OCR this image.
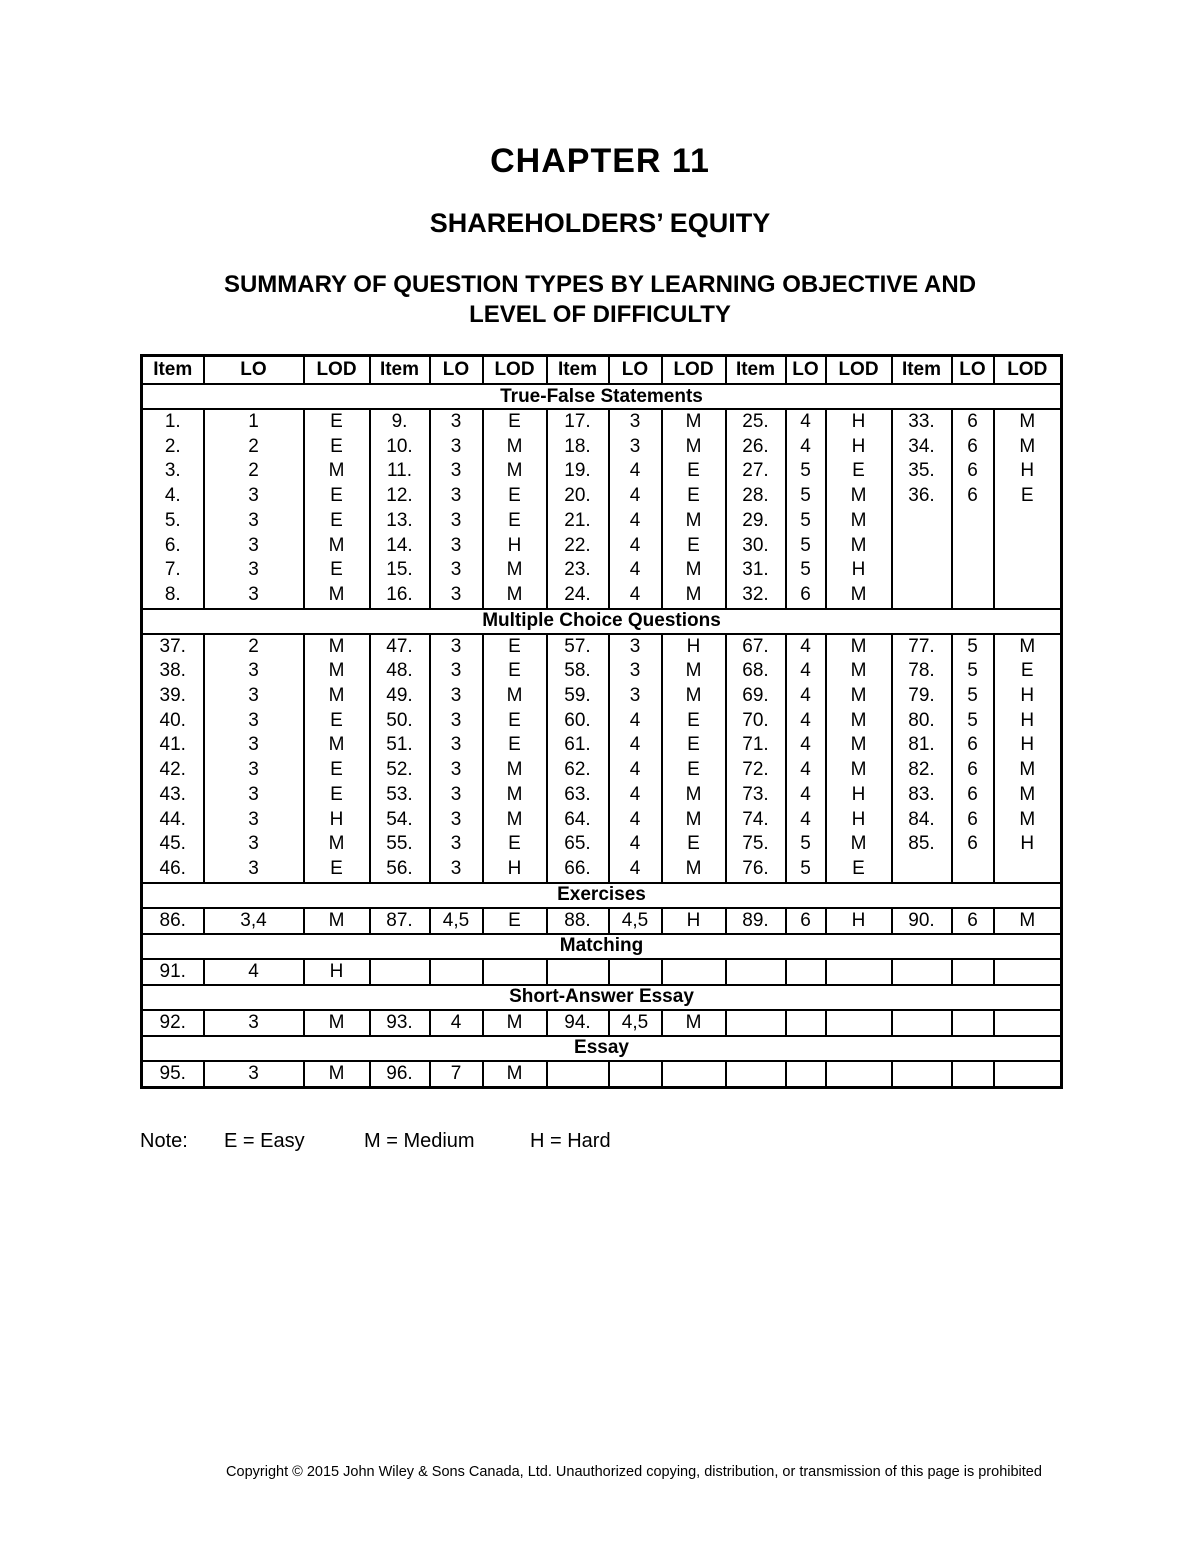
CHAPTER 11
SHAREHOLDERS’ EQUITY
SUMMARY OF QUESTION TYPES BY LEARNING OBJECTIVE AND
LEVEL OF DIFFICULTY
Item	LO	LOD	Item	LO	LOD	Item	LO	LOD	Item	LO	LOD	Item	LO	LOD
True-False Statements														
1.	1	E	9.	3	E	17.	3	M	25.	4	H	33.	6	M
2.	2	E	10.	3	M	18.	3	M	26.	4	H	34.	6	M
3.	2	M	11.	3	M	19.	4	E	27.	5	E	35.	6	H
4.	3	E	12.	3	E	20.	4	E	28.	5	M	36.	6	E
5.	3	E	13.	3	E	21.	4	M	29.	5	M			
6.	3	M	14.	3	H	22.	4	E	30.	5	M			
7.	3	E	15.	3	M	23.	4	M	31.	5	H			
8.	3	M	16.	3	M	24.	4	M	32.	6	M			
Multiple Choice Questions														
37.	2	M	47.	3	E	57.	3	H	67.	4	M	77.	5	M
38.	3	M	48.	3	E	58.	3	M	68.	4	M	78.	5	E
39.	3	M	49.	3	M	59.	3	M	69.	4	M	79.	5	H
40.	3	E	50.	3	E	60.	4	E	70.	4	M	80.	5	H
41.	3	M	51.	3	E	61.	4	E	71.	4	M	81.	6	H
42.	3	E	52.	3	M	62.	4	E	72.	4	M	82.	6	M
43.	3	E	53.	3	M	63.	4	M	73.	4	H	83.	6	M
44.	3	H	54.	3	M	64.	4	M	74.	4	H	84.	6	M
45.	3	M	55.	3	E	65.	4	E	75.	5	M	85.	6	H
46.	3	E	56.	3	H	66.	4	M	76.	5	E			
Exercises														
86.	3,4	M	87.	4,5	E	88.	4,5	H	89.	6	H	90.	6	M
Matching														
91.	4	H												
Short-Answer Essay														
92.	3	M	93.	4	M	94.	4,5	M						
Essay														
95.	3	M	96.	7	M									

Note: E = Easy	M = Medium	H = Hard

Copyright © 2015 John Wiley & Sons Canada, Ltd. Unauthorized copying, distribution, or transmission of this page is prohibited
